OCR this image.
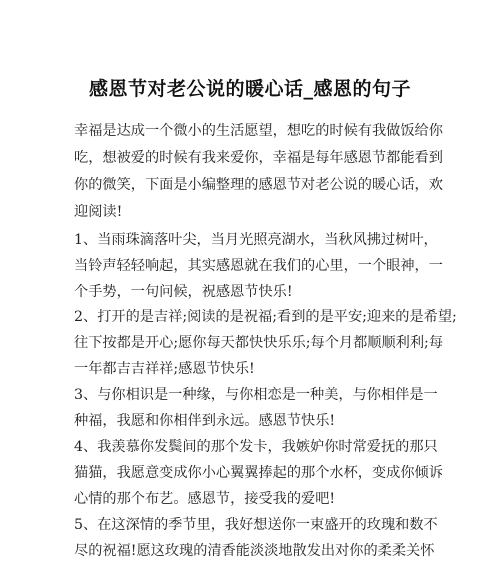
感恩节对老公说的暖心话_感恩的句子
幸福是达成一个微小的生活愿望，想吃的时候有我做饭给你
吃，想被爱的时候有我来爱你，幸福是每年感恩节都能看到
你的微笑，下面是小编整理的感恩节对老公说的暖心话，欢
迎阅读!
1、当雨珠滴落叶尖，当月光照亮湖水，当秋风拂过树叶，
当铃声轻轻响起，其实感恩就在我们的心里，一个眼神，一
个手势，一句问候，祝感恩节快乐!
2、打开的是吉祥;阅读的是祝福;看到的是平安;迎来的是希望;
往下按都是开心;愿你每天都快快乐乐;每个月都顺顺利利;每
一年都吉吉祥祥;感恩节快乐!
3、与你相识是一种缘，与你相恋是一种美，与你相伴是一
种福，我愿和你相伴到永远。感恩节快乐!
4、我羡慕你发鬓间的那个发卡，我嫉妒你时常爱抚的那只
猫猫，我愿意变成你小心翼翼捧起的那个水杯，变成你倾诉
心情的那个布艺。感恩节，接受我的爱吧!
5、在这深情的季节里，我好想送你一束盛开的玫瑰和数不
尽的祝福!愿这玫瑰的清香能淡淡地散发出对你的柔柔关怀
